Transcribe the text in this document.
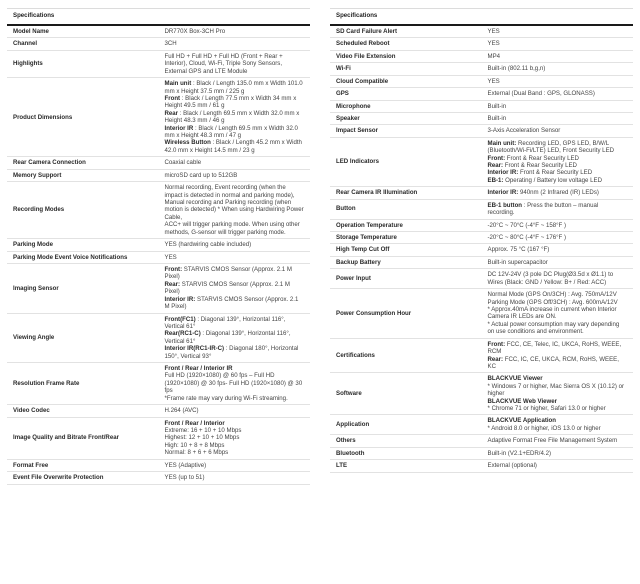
Specifications	
Model Name	DR770X Box-3CH Pro

Channel	3CH

Highlights	Full HD + Full HD + Full HD (Front + Rear + Interior), Cloud, Wi-Fi, Triple Sony Sensors, External GPS and LTE Module

Product Dimensions	Main unit : Black / Length 135.0 mm x Width 101.0 mm x Height 37.5 mm / 225 g
Front : Black / Length 77.5 mm x Width 34 mm x Height 49.5 mm / 61 g
Rear : Black / Length 69.5 mm x Width 32.0 mm x Height 48.3 mm / 46 g
Interior IR : Black / Length 69.5 mm x Width 32.0 mm x Height 48.3 mm / 47 g
Wireless Button : Black / Length 45.2 mm x Width 42.0 mm x Height 14.5 mm / 23 g

Rear Camera Connection	Coaxial cable

Memory Support	microSD card up to 512GB

Recording Modes	Normal recording, Event recording (when the impact is detected in normal and parking mode), Manual recording and Parking recording (when motion is detected) * When using Hardwiring Power Cable,
ACC+ will trigger parking mode. When using other methods, G-sensor will trigger parking mode.

Parking Mode	YES (hardwiring cable included)

Parking Mode Event Voice Notifications	YES

Imaging Sensor	Front: STARVIS CMOS Sensor (Approx. 2.1 M Pixel)
Rear: STARVIS CMOS Sensor (Approx. 2.1 M Pixel)
Interior IR: STARVIS CMOS Sensor (Approx. 2.1 M Pixel)

Viewing Angle	Front(FC1) : Diagonal 139°, Horizontal 116°, Vertical 61°
Rear(RC1-C) : Diagonal 139°, Horizontal 116°, Vertical 61°
Interior IR(RC1-IR-C) : Diagonal 180°, Horizontal 150°, Vertical 93°

Resolution Frame Rate	Front / Rear / Interior IR
Full HD (1920×1080) @ 60 fps – Full HD (1920×1080) @ 30 fps- Full HD (1920×1080) @ 30 fps
*Frame rate may vary during Wi-Fi streaming.

Video Codec	H.264 (AVC)

Image Quality and Bitrate Front/Rear	Front / Rear / Interior
Extreme: 16 + 10 + 10 Mbps
Highest: 12 + 10 + 10 Mbps
High: 10 + 8 + 8 Mbps
Normal: 8 + 6 + 6 Mbps

Format Free	YES (Adaptive)

Event File Overwrite Protection	YES (up to 51)
Specifications	
SD Card Failure Alert	YES

Scheduled Reboot	YES

Video File Extension	MP4

Wi-Fi	Built-in (802.11 b,g,n)

Cloud Compatible	YES

GPS	External (Dual Band : GPS, GLONASS)

Microphone	Built-in

Speaker	Built-in

Impact Sensor	3-Axis Acceleration Sensor

LED Indicators	Main unit: Recording LED, GPS LED, B/W/L (Bluetooth/Wi-Fi/LTE) LED, Front Security LED
Front: Front & Rear Security LED
Rear: Front & Rear Security LED
Interior IR: Front & Rear Security LED
EB-1: Operating / Battery low voltage LED

Rear Camera IR Illumination	Interior IR: 940nm (2 Infrared (IR) LEDs)

Button	EB-1 button : Press the button – manual recording.

Operation Temperature	-20°C ~ 70°C (-4°F ~ 158°F )

Storage Temperature	-20°C ~ 80°C (-4°F ~ 176°F )

High Temp Cut Off	Approx. 75 °C (167 °F)

Backup Battery	Built-in supercapacitor

Power Input	DC 12V-24V (3 pole DC Plug(Ø3.5d x Ø1.1) to Wires (Black: GND / Yellow: B+ / Red: ACC)

Power Consumption Hour	Normal Mode (GPS On/3CH) : Avg. 750mA/12V
Parking Mode (GPS Off/3CH) : Avg. 600mA/12V
* Approx.40mA increase in current when Interior Camera IR LEDs are ON.
* Actual power consumption may vary depending on use conditions and environment.

Certifications	Front: FCC, CE, Telec, IC, UKCA, RoHS, WEEE, RCM
Rear: FCC, IC, CE, UKCA, RCM, RoHS, WEEE, KC

Software	BLACKVUE Viewer
* Windows 7 or higher, Mac Sierra OS X (10.12) or higher
BLACKVUE Web Viewer
* Chrome 71 or higher, Safari 13.0 or higher

Application	BLACKVUE Application
* Android 8.0 or higher, iOS 13.0 or higher

Others	Adaptive Format Free File Management System

Bluetooth	Built-in (V2.1+EDR/4.2)

LTE	External (optional)
